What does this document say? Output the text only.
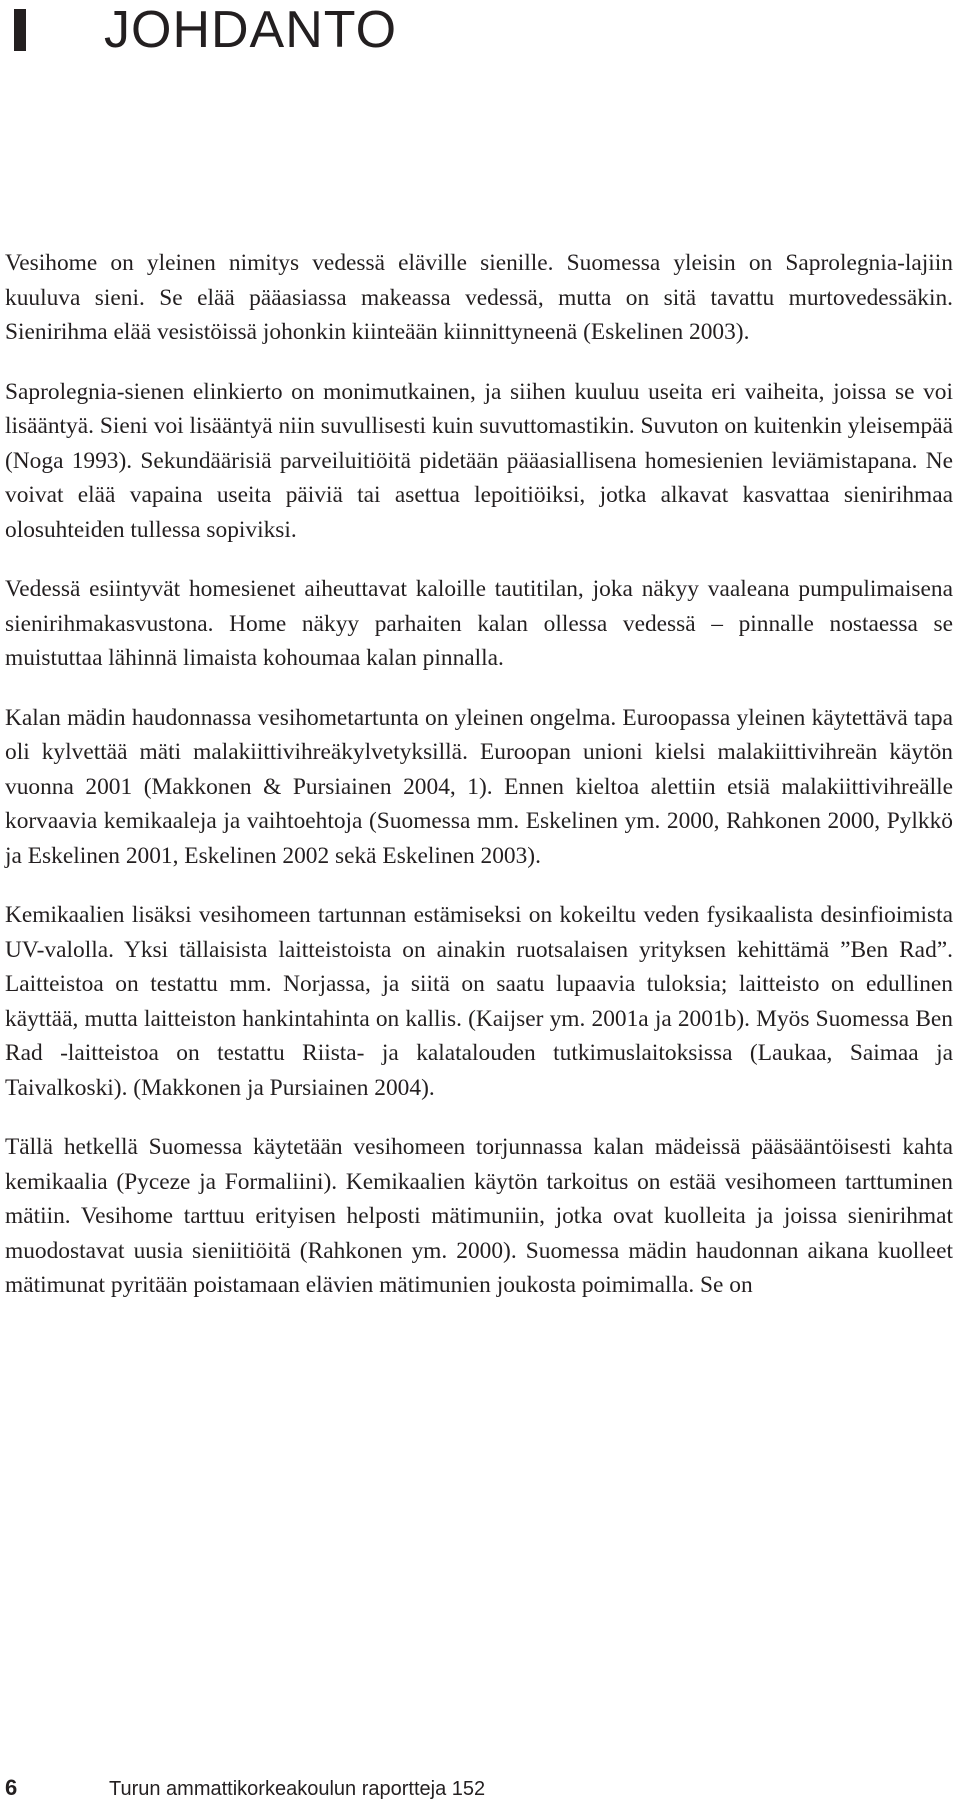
JOHDANTO

Vesihome on yleinen nimitys vedessä eläville sienille. Suomessa yleisin on Saprolegnia-lajiin kuuluva sieni. Se elää pääasiassa makeassa vedessä, mutta on sitä tavattu murtovedessäkin. Sienirihma elää vesistöissä johonkin kiinteään kiinnittyneenä (Eskelinen 2003).

Saprolegnia-sienen elinkierto on monimutkainen, ja siihen kuuluu useita eri vaiheita, joissa se voi lisääntyä. Sieni voi lisääntyä niin suvullisesti kuin suvuttomastikin. Suvuton on kuitenkin yleisempää (Noga 1993). Sekundäärisiä parveiluitiöitä pidetään pääasiallisena homesienien leviämistapana. Ne voivat elää vapaina useita päiviä tai asettua lepoitiöiksi, jotka alkavat kasvattaa sienirihmaa olosuhteiden tullessa sopiviksi.

Vedessä esiintyvät homesienet aiheuttavat kaloille tautitilan, joka näkyy vaaleana pumpulimaisena sienirihmakasvustona. Home näkyy parhaiten kalan ollessa vedessä – pinnalle nostaessa se muistuttaa lähinnä limaista kohoumaa kalan pinnalla.

Kalan mädin haudonnassa vesihometartunta on yleinen ongelma. Euroopassa yleinen käytettävä tapa oli kylvettää mäti malakiittivihreäkylvetyksillä. Euroopan unioni kielsi malakiittivihreän käytön vuonna 2001 (Makkonen & Pursiainen 2004, 1). Ennen kieltoa alettiin etsiä malakiittivihreälle korvaavia kemikaaleja ja vaihtoehtoja (Suomessa mm. Eskelinen ym. 2000, Rahkonen 2000, Pylkkö ja Eskelinen 2001, Eskelinen 2002 sekä Eskelinen 2003).

Kemikaalien lisäksi vesihomeen tartunnan estämiseksi on kokeiltu veden fysikaalista desinfioimista UV-valolla. Yksi tällaisista laitteistoista on ainakin ruotsalaisen yrityksen kehittämä ”Ben Rad”. Laitteistoa on testattu mm. Norjassa, ja siitä on saatu lupaavia tuloksia; laitteisto on edullinen käyttää, mutta laitteiston hankintahinta on kallis. (Kaijser ym. 2001a ja 2001b). Myös Suomessa Ben Rad -laitteistoa on testattu Riista- ja kalatalouden tutkimuslaitoksissa (Laukaa, Saimaa ja Taivalkoski). (Makkonen ja Pursiainen 2004).

Tällä hetkellä Suomessa käytetään vesihomeen torjunnassa kalan mädeissä pääsääntöisesti kahta kemikaalia (Pyceze ja Formaliini). Kemikaalien käytön tarkoitus on estää vesihomeen tarttuminen mätiin. Vesihome tarttuu erityisen helposti mätimuniin, jotka ovat kuolleita ja joissa sienirihmat muodostavat uusia sieniitiöitä (Rahkonen ym. 2000). Suomessa mädin haudonnan aikana kuolleet mätimunat pyritään poistamaan elävien mätimunien joukosta poimimalla. Se on

6	Turun ammattikorkeakoulun raportteja 152
